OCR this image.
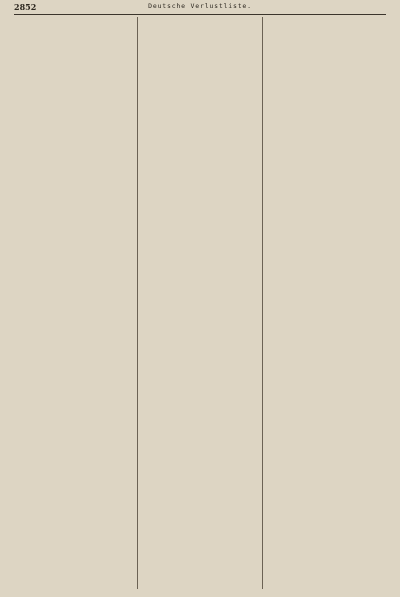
2852	Deutsche Verlustliste.
